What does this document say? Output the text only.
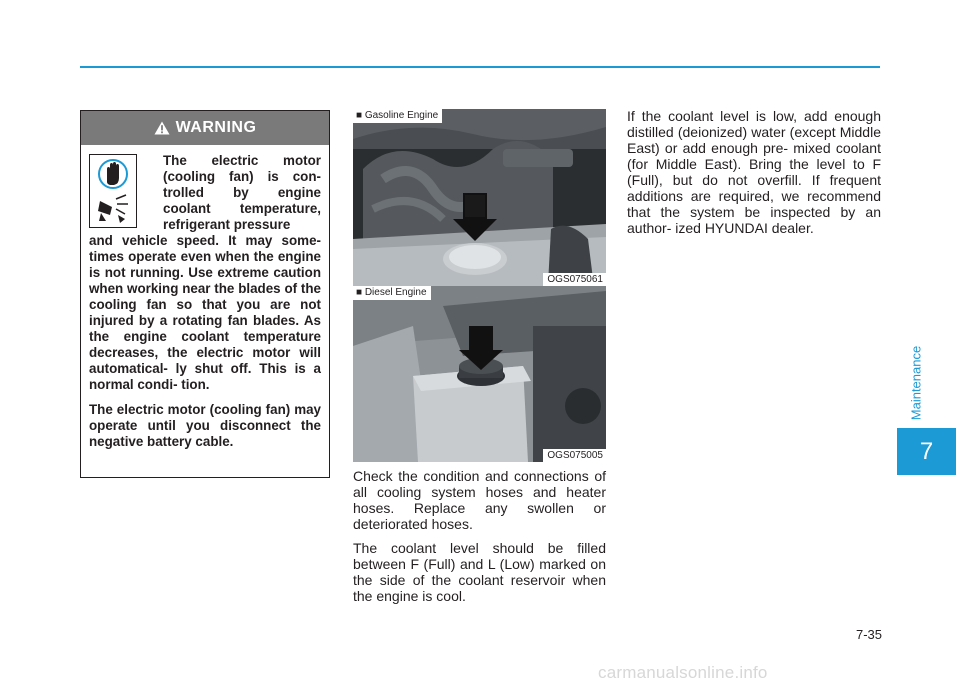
WARNING

The electric motor (cooling fan) is con- trolled by engine coolant temperature, refrigerant pressure

and vehicle speed. It may some- times operate even when the engine is not running. Use extreme caution when working near the blades of the cooling fan so that you are not injured by a rotating fan blades. As the engine coolant temperature decreases, the electric motor will automatical- ly shut off. This is a normal condi- tion.

The electric motor (cooling fan) may operate until you disconnect the negative battery cable.

■ Gasoline Engine
OGS075061
■ Diesel Engine
OGS075005

Check the condition and connections of all cooling system hoses and heater hoses. Replace any swollen or deteriorated hoses.

The coolant level should be filled between F (Full) and L (Low) marked on the side of the coolant reservoir when the engine is cool.

If the coolant level is low, add enough distilled (deionized) water (except Middle East) or add enough pre- mixed coolant (for Middle East). Bring the level to F (Full), but do not overfill. If frequent additions are required, we recommend that the system be inspected by an author- ized HYUNDAI dealer.

Maintenance
7
7-35
carmanualsonline.info
